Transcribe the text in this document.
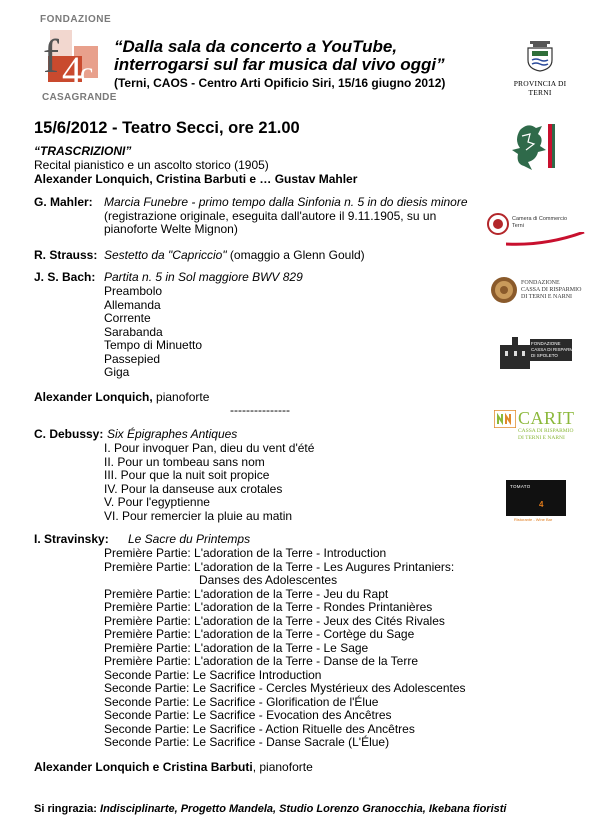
FONDAZIONE
f 4
c
CASAGRANDE
“Dalla sala da concerto a YouTube,
interrogarsi sul far musica dal vivo oggi”
(Terni, CAOS - Centro Arti Opificio Siri, 15/16 giugno 2012)	PROVINCIA DI TERNI
15/6/2012 - Teatro Secci, ore 21.00
“TRASCRIZIONI”
Recital pianistico e un ascolto storico (1905)
Alexander Lonquich, Cristina Barbuti e … Gustav Mahler
G. Mahler: Marcia Funebre - primo tempo dalla Sinfonia n. 5 in do diesis minore
(registrazione originale, eseguita dall'autore il 9.11.1905, su un
pianoforte Welte Mignon)
R. Strauss: Sestetto da "Capriccio" (omaggio a Glenn Gould)
J. S. Bach: Partita n. 5 in Sol maggiore BWV 829
Preambolo
Allemanda
Corrente
Sarabanda
Tempo di Minuetto
Passepied
Giga
Alexander Lonquich, pianoforte
---------------
C. Debussy: Six Épigraphes Antiques
I. Pour invoquer Pan, dieu du vent d'été
II. Pour un tombeau sans nom
III. Pour que la nuit soit propice
IV. Pour la danseuse aux crotales
V. Pour l'egyptienne
VI. Pour remercier la pluie au matin
I. Stravinsky: Le Sacre du Printemps
Première Partie: L'adoration de la Terre - Introduction
Première Partie: L'adoration de la Terre - Les Augures Printaniers:
Danses des Adolescentes
Première Partie: L'adoration de la Terre - Jeu du Rapt
Première Partie: L'adoration de la Terre - Rondes Printanières
Première Partie: L'adoration de la Terre - Jeux des Cités Rivales
Première Partie: L'adoration de la Terre - Cortège du Sage
Première Partie: L'adoration de la Terre - Le Sage
Première Partie: L'adoration de la Terre - Danse de la Terre
Seconde Partie: Le Sacrifice Introduction
Seconde Partie: Le Sacrifice - Cercles Mystérieux des Adolescentes
Seconde Partie: Le Sacrifice - Glorification de l'Élue
Seconde Partie: Le Sacrifice - Evocation des Ancêtres
Seconde Partie: Le Sacrifice - Action Rituelle des Ancêtres
Seconde Partie: Le Sacrifice - Danse Sacrale (L'Élue)
Alexander Lonquich e Cristina Barbuti, pianoforte
Si ringrazia: Indisciplinarte, Progetto Mandela, Studio Lorenzo Granocchia, Ikebana fioristi
Camera di Commercio
Terni
FONDAZIONE
CASSA DI RISPARMIO
DI TERNI E NARNI
FONDAZIONE
CASSA DI RISPARMIO
DI SPOLETO
CARIT
CASSA DI RISPARMIO
DI TERNI E NARNI
TOMATO
4
Ristorante - Wine Bar
